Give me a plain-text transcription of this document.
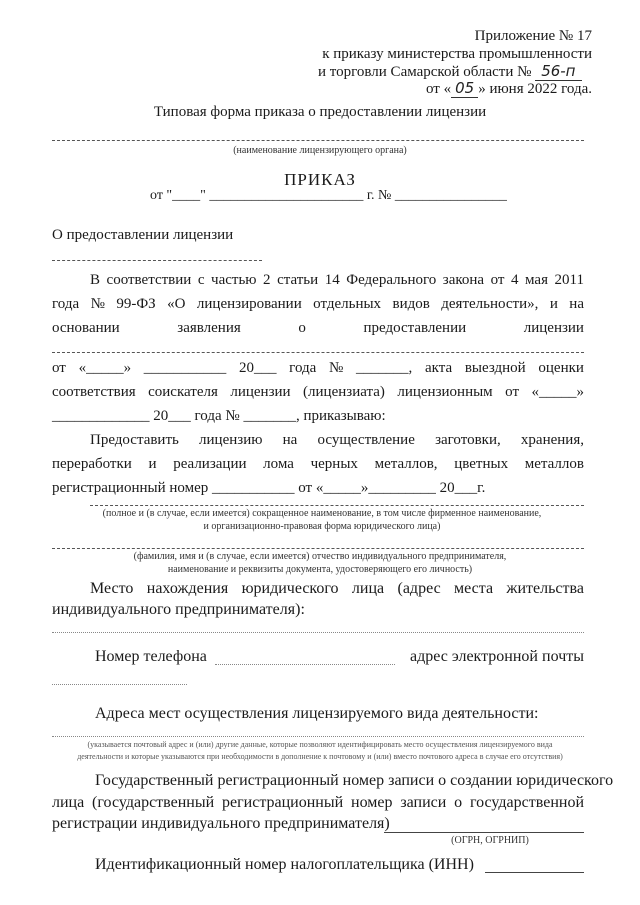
Приложение № 17
к приказу министерства промышленности
и торговли Самарской области № 56-п
от « 05 » июня 2022 года.
Типовая форма приказа о предоставлении лицензии
(наименование лицензирующего органа)
ПРИКАЗ
от "____" ______________________ г. № ________________
О предоставлении лицензии
В соответствии с частью 2 статьи 14 Федерального закона от 4 мая 2011
года № 99-ФЗ «О лицензировании отдельных видов деятельности», и на
основании	заявления	о	предоставлении	лицензии
от «_____» ___________ 20___ года № _______, акта выездной оценки
соответствия соискателя лицензии (лицензиата) лицензионным от «_____»
_____________ 20___ года № _______, приказываю:
Предоставить лицензию на осуществление заготовки, хранения,
переработки и реализации лома черных металлов, цветных металлов
регистрационный номер ___________ от «_____»_________ 20___г.
(полное и (в случае, если имеется) сокращенное наименование, в том числе фирменное наименование,
и организационно-правовая форма юридического лица)
(фамилия, имя и (в случае, если имеется) отчество индивидуального предпринимателя,
наименование и реквизиты документа, удостоверяющего его личность)
Место нахождения юридического лица (адрес места жительства
индивидуального предпринимателя):
Номер телефона	адрес электронной почты
Адреса мест осуществления лицензируемого вида деятельности:
(указывается почтовый адрес и (или) другие данные, которые позволяют идентифицировать место осуществления лицензируемого вида
деятельности и которые указываются при необходимости в дополнение к почтовому и (или) вместо почтового адреса в случае его отсутствия)
Государственный регистрационный номер записи о создании юридического
лица (государственный регистрационный номер записи о государственной
регистрации индивидуального предпринимателя)
(ОГРН, ОГРНИП)
Идентификационный номер налогоплательщика (ИНН)
